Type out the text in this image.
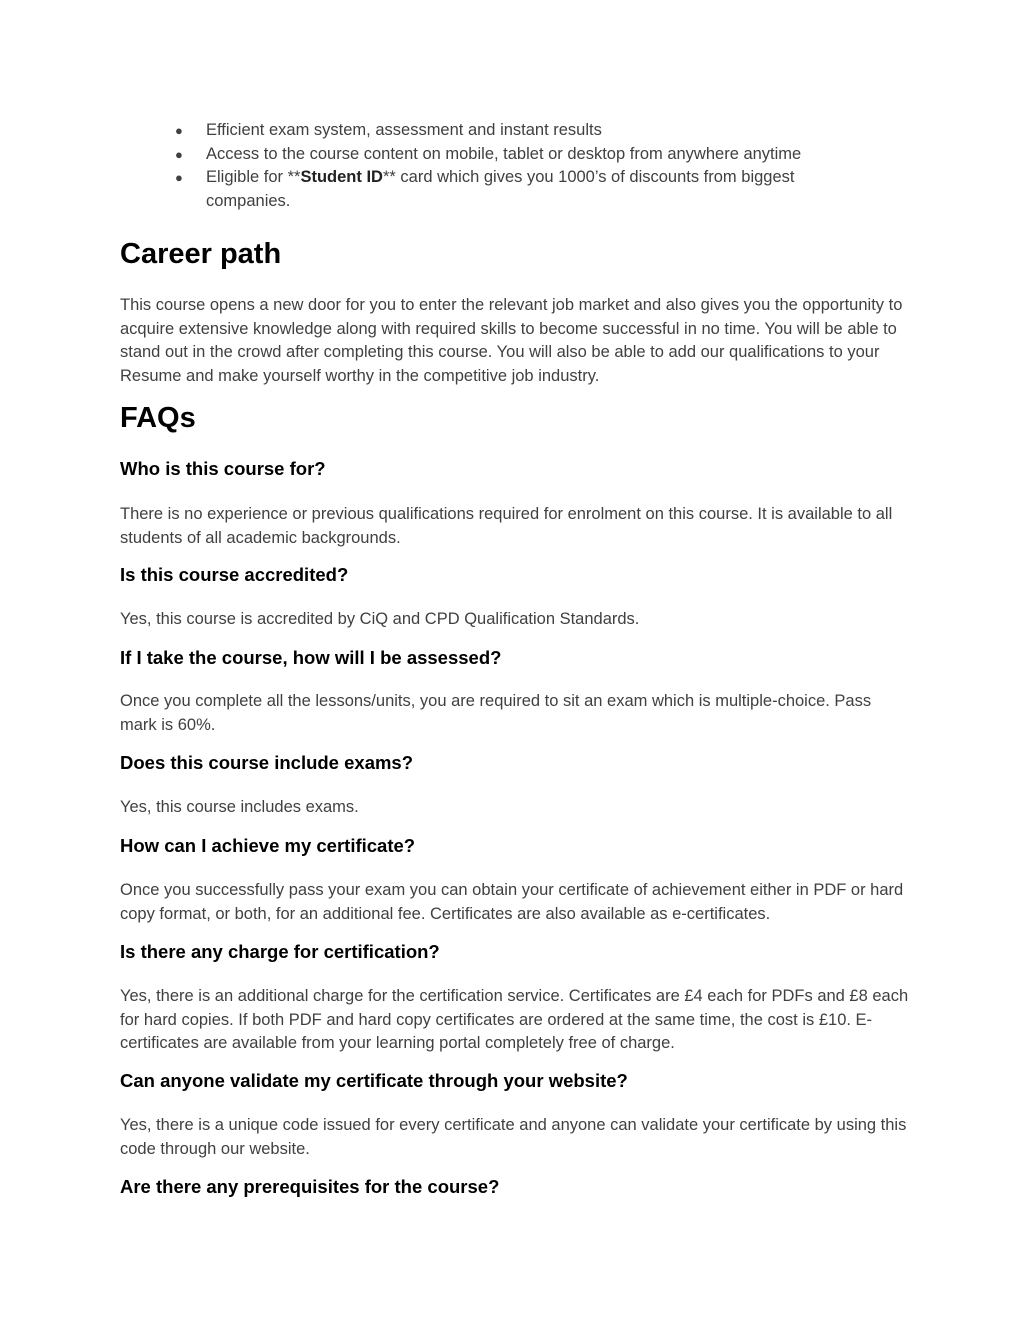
● Efficient exam system, assessment and instant results
● Access to the course content on mobile, tablet or desktop from anywhere anytime
● Eligible for **Student ID** card which gives you 1000’s of discounts from biggest companies.
Career path

This course opens a new door for you to enter the relevant job market and also gives you the opportunity to acquire extensive knowledge along with required skills to become successful in no time. You will be able to stand out in the crowd after completing this course. You will also be able to add our qualifications to your Resume and make yourself worthy in the competitive job industry.

FAQs
Who is this course for?

There is no experience or previous qualifications required for enrolment on this course. It is available to all students of all academic backgrounds.

Is this course accredited?

Yes, this course is accredited by CiQ and CPD Qualification Standards.

If I take the course, how will I be assessed?

Once you complete all the lessons/units, you are required to sit an exam which is multiple-choice. Pass mark is 60%.

Does this course include exams?

Yes, this course includes exams.

How can I achieve my certificate?

Once you successfully pass your exam you can obtain your certificate of achievement either in PDF or hard copy format, or both, for an additional fee. Certificates are also available as e-certificates.

Is there any charge for certification?

Yes, there is an additional charge for the certification service. Certificates are £4 each for PDFs and £8 each for hard copies. If both PDF and hard copy certificates are ordered at the same time, the cost is £10. E-certificates are available from your learning portal completely free of charge.

Can anyone validate my certificate through your website?

Yes, there is a unique code issued for every certificate and anyone can validate your certificate by using this code through our website.

Are there any prerequisites for the course?
